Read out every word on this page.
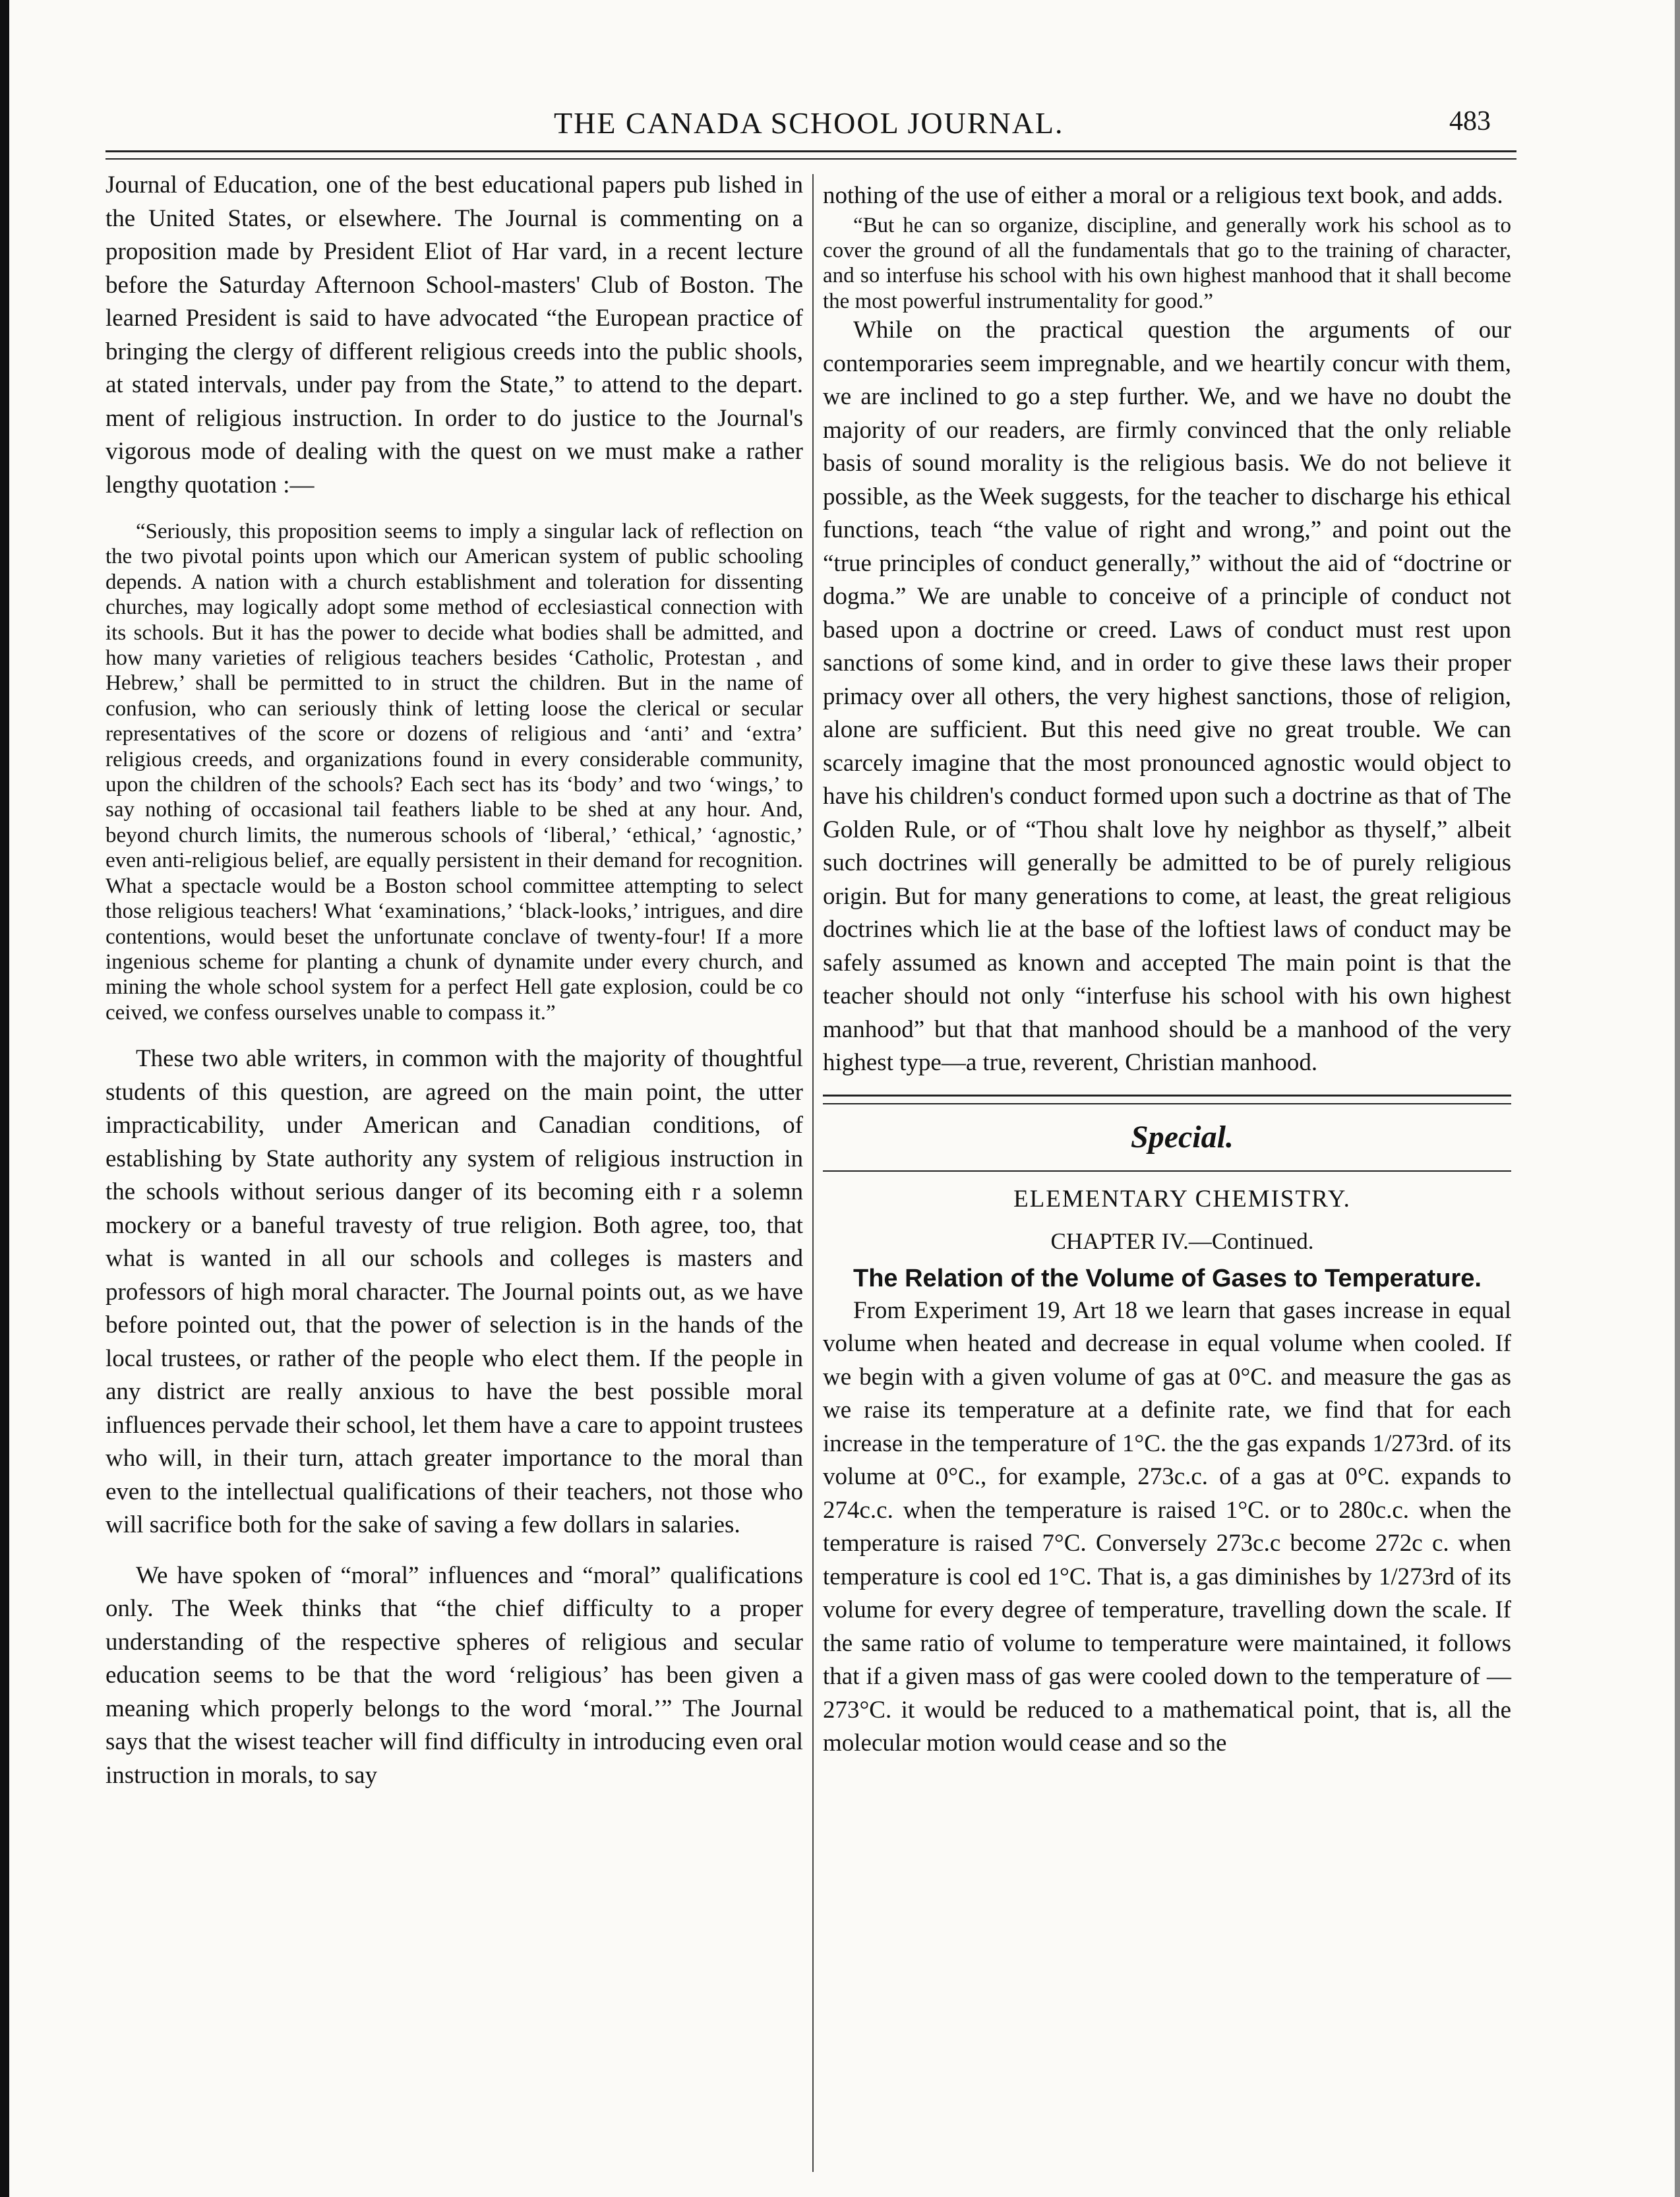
THE CANADA SCHOOL JOURNAL.	483

Journal of Education, one of the best educational papers pub lished in the United States, or elsewhere. The Journal is commenting on a proposition made by President Eliot of Har vard, in a recent lecture before the Saturday Afternoon School-masters' Club of Boston. The learned President is said to have advocated “the European practice of bringing the clergy of different religious creeds into the public shools, at stated intervals, under pay from the State,” to attend to the depart. ment of religious instruction. In order to do justice to the Journal's vigorous mode of dealing with the quest on we must make a rather lengthy quotation :—

“Seriously, this proposition seems to imply a singular lack of reflection on the two pivotal points upon which our American system of public schooling depends. A nation with a church establishment and toleration for dissenting churches, may logically adopt some method of ecclesiastical connection with its schools. But it has the power to decide what bodies shall be admitted, and how many varieties of religious teachers besides ‘Catholic, Protestan , and Hebrew,’ shall be permitted to in struct the children. But in the name of confusion, who can seriously think of letting loose the clerical or secular representatives of the score or dozens of religious and ‘anti’ and ‘extra’ religious creeds, and organizations found in every considerable community, upon the children of the schools? Each sect has its ‘body’ and two ‘wings,’ to say nothing of occasional tail feathers liable to be shed at any hour. And, beyond church limits, the numerous schools of ‘liberal,’ ‘ethical,’ ‘agnostic,’ even anti-religious belief, are equally persistent in their demand for recognition. What a spectacle would be a Boston school committee attempting to select those religious teachers! What ‘examinations,’ ‘black-looks,’ intrigues, and dire contentions, would beset the unfortunate conclave of twenty-four! If a more ingenious scheme for planting a chunk of dynamite under every church, and mining the whole school system for a perfect Hell gate explosion, could be co ceived, we confess ourselves unable to compass it.”

These two able writers, in common with the majority of thoughtful students of this question, are agreed on the main point, the utter impracticability, under American and Canadian conditions, of establishing by State authority any system of religious instruction in the schools without serious danger of its becoming eith r a solemn mockery or a baneful travesty of true religion. Both agree, too, that what is wanted in all our schools and colleges is masters and professors of high moral character. The Journal points out, as we have before pointed out, that the power of selection is in the hands of the local trustees, or rather of the people who elect them. If the people in any district are really anxious to have the best possible moral influences pervade their school, let them have a care to appoint trustees who will, in their turn, attach greater importance to the moral than even to the intellectual qualifications of their teachers, not those who will sacrifice both for the sake of saving a few dollars in salaries.

We have spoken of “moral” influences and “moral” qualifications only. The Week thinks that “the chief difficulty to a proper understanding of the respective spheres of religious and secular education seems to be that the word ‘religious’ has been given a meaning which properly belongs to the word ‘moral.’” The Journal says that the wisest teacher will find difficulty in introducing even oral instruction in morals, to say

nothing of the use of either a moral or a religious text book, and adds.

“But he can so organize, discipline, and generally work his school as to cover the ground of all the fundamentals that go to the training of character, and so interfuse his school with his own highest manhood that it shall become the most powerful instrumentality for good.”

While on the practical question the arguments of our contemporaries seem impregnable, and we heartily concur with them, we are inclined to go a step further. We, and we have no doubt the majority of our readers, are firmly convinced that the only reliable basis of sound morality is the religious basis. We do not believe it possible, as the Week suggests, for the teacher to discharge his ethical functions, teach “the value of right and wrong,” and point out the “true principles of conduct generally,” without the aid of “doctrine or dogma.” We are unable to conceive of a principle of conduct not based upon a doctrine or creed. Laws of conduct must rest upon sanctions of some kind, and in order to give these laws their proper primacy over all others, the very highest sanctions, those of religion, alone are sufficient. But this need give no great trouble. We can scarcely imagine that the most pronounced agnostic would object to have his children's conduct formed upon such a doctrine as that of The Golden Rule, or of “Thou shalt love hy neighbor as thyself,” albeit such doctrines will generally be admitted to be of purely religious origin. But for many generations to come, at least, the great religious doctrines which lie at the base of the loftiest laws of conduct may be safely assumed as known and accepted The main point is that the teacher should not only “interfuse his school with his own highest manhood” but that that manhood should be a manhood of the very highest type—a true, reverent, Christian manhood.

Special.

ELEMENTARY CHEMISTRY.

CHAPTER IV.—Continued.

The Relation of the Volume of Gases to Temperature.

From Experiment 19, Art 18 we learn that gases increase in equal volume when heated and decrease in equal volume when cooled. If we begin with a given volume of gas at 0°C. and measure the gas as we raise its temperature at a definite rate, we find that for each increase in the temperature of 1°C. the the gas expands 1/273rd. of its volume at 0°C., for example, 273c.c. of a gas at 0°C. expands to 274c.c. when the temperature is raised 1°C. or to 280c.c. when the temperature is raised 7°C. Conversely 273c.c become 272c c. when temperature is cool ed 1°C. That is, a gas diminishes by 1/273rd of its volume for every degree of temperature, travelling down the scale. If the same ratio of volume to temperature were maintained, it follows that if a given mass of gas were cooled down to the temperature of —273°C. it would be reduced to a mathematical point, that is, all the molecular motion would cease and so the
